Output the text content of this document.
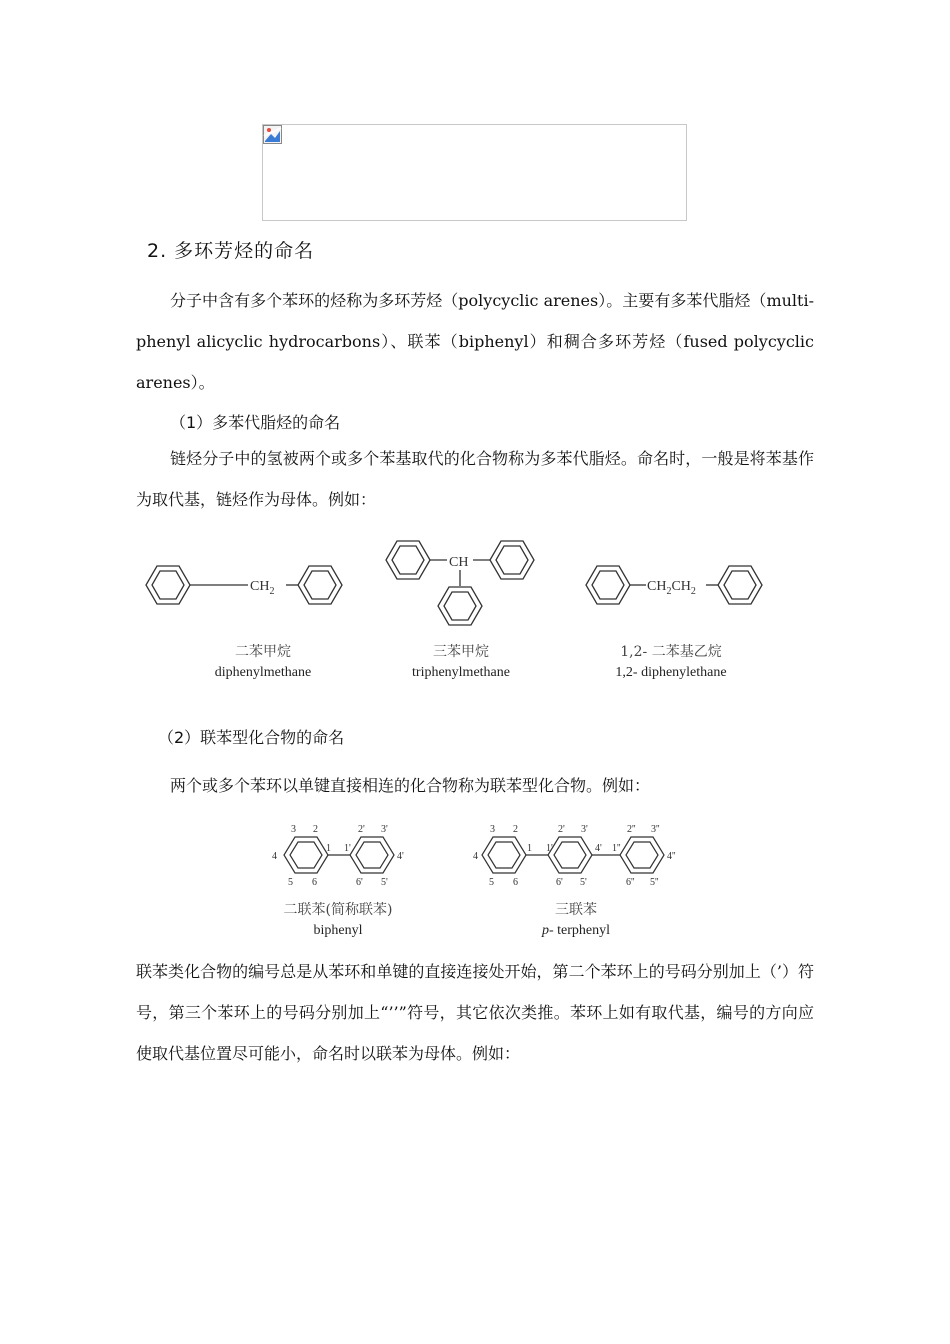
2. 多环芳烃的命名

分子中含有多个苯环的烃称为多环芳烃（polycyclic arenes）。主要有多苯代脂烃（multi-phenyl alicyclic hydrocarbons）、联苯（biphenyl）和稠合多环芳烃（fused polycyclic arenes）。

（1）多苯代脂烃的命名

链烃分子中的氢被两个或多个苯基取代的化合物称为多苯代脂烃。命名时，一般是将苯基作为取代基，链烃作为母体。例如：

$CH_2$
CH
$CH_2CH_2$
二苯甲烷
diphenylmethane
三苯甲烷
triphenylmethane
1,2- 二苯基乙烷
1,2- diphenylethane
（2）联苯型化合物的命名

两个或多个苯环以单键直接相连的化合物称为联苯型化合物。例如：

3 2
4
5 6
1 1'
2' 3'
4'
5'
6'
3 2
4
5 6
1 1'
2' 3'
4'
5'
6'
1''
2'' 3''
4''
5''
6''
二联苯(简称联苯)
biphenyl
三联苯
p- terphenyl

联苯类化合物的编号总是从苯环和单键的直接连接处开始，第二个苯环上的号码分别加上（’）符号，第三个苯环上的号码分别加上“’’”符号，其它依次类推。苯环上如有取代基，编号的方向应使取代基位置尽可能小，命名时以联苯为母体。例如：
